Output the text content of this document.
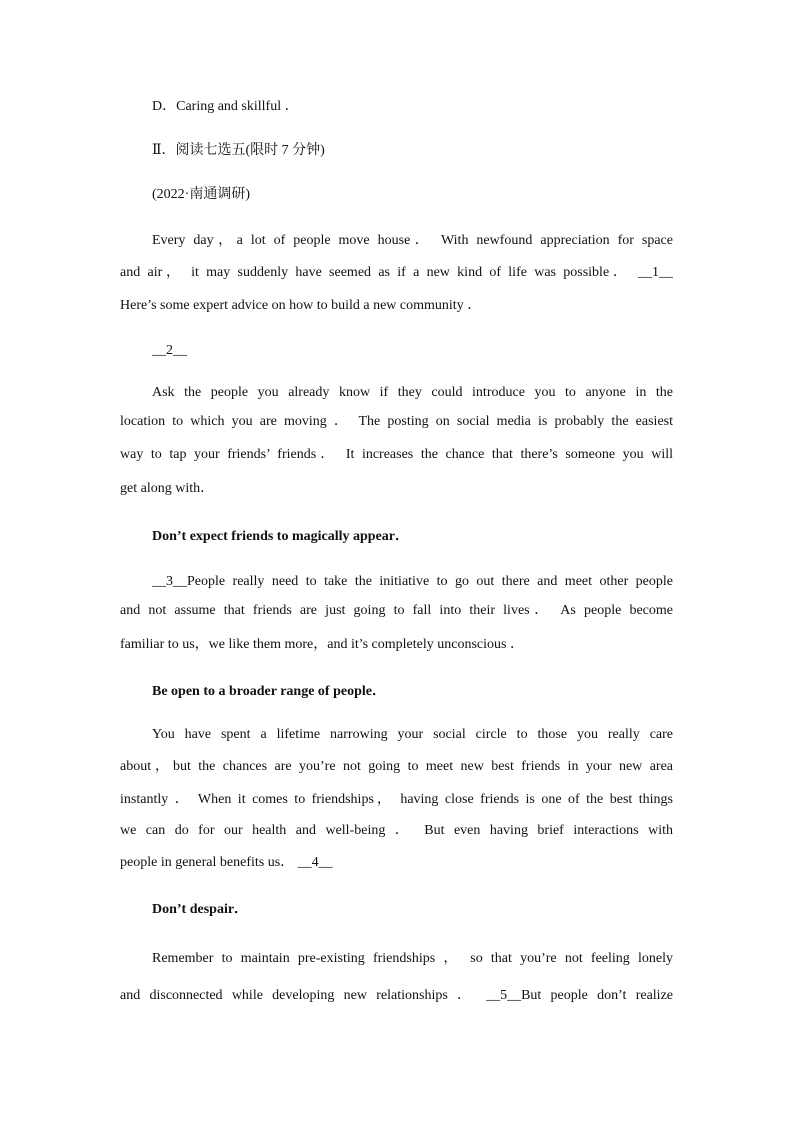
D．Caring and skillful ．
Ⅱ．阅读七选五(限时 7 分钟)
(2022·南通调研)
Every day，a lot of people move house． With newfound appreciation for space
and air， it may suddenly have seemed as if a new kind of life was possible． __1__
Here’s some expert advice on how to build a new community ．
__2__
Ask the people you already know if they could introduce you to anyone in the
location to which you are moving ． The posting on social media is probably the easiest
way to tap your friends’ friends． It increases the chance that there’s someone you will
get along with．
Don’t expect friends to magically appear．
__3__People really need to take the initiative to go out there and meet other people
and not assume that friends are just going to fall into their lives． As people become
familiar to us，we like them more，and it’s completely unconscious ．
Be open to a broader range of people．
You have spent a lifetime narrowing your social circle to those you really care
about，but the chances are you’re not going to meet new best friends in your new area
instantly ． When it comes to friendships， having close friends is one of the best things
we can do for our health and well-being ． But even having brief interactions with
people in general benefits us． __4__
Don’t despair．
Remember to maintain pre-existing friendships ， so that you’re not feeling lonely
and disconnected while developing new relationships ． __5__But people don’t realize
